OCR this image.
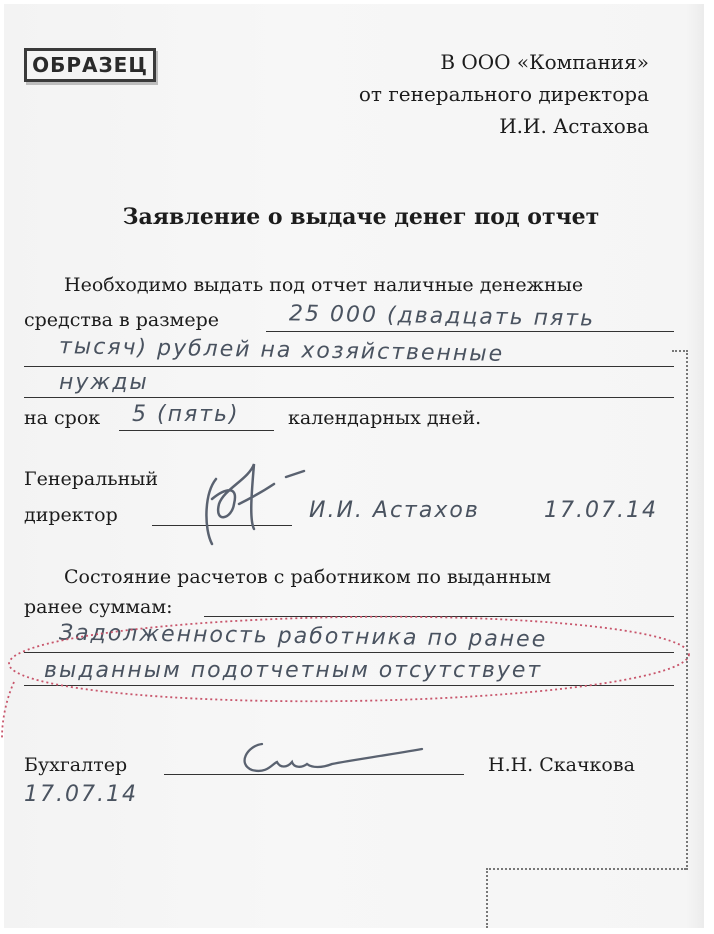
ОБРАЗЕЦ	В ООО «Компания»
от генерального директора
И.И. Астахова
Заявление о выдаче денег под отчет
Необходимо выдать под отчет наличные денежные
средства в размере	25 000 (двадцать пять
тысяч) рублей на хозяйственные
нужды
на срок 5 (пять)	календарных дней.
Генеральный
директор	И.И. Астахов	17.07.14
Состояние расчетов с работником по выданным
ранее суммам:
Задолженность работника по ранее
выданным подотчетным отсутствует
Бухгалтер	Н.Н. Скачкова
17.07.14
